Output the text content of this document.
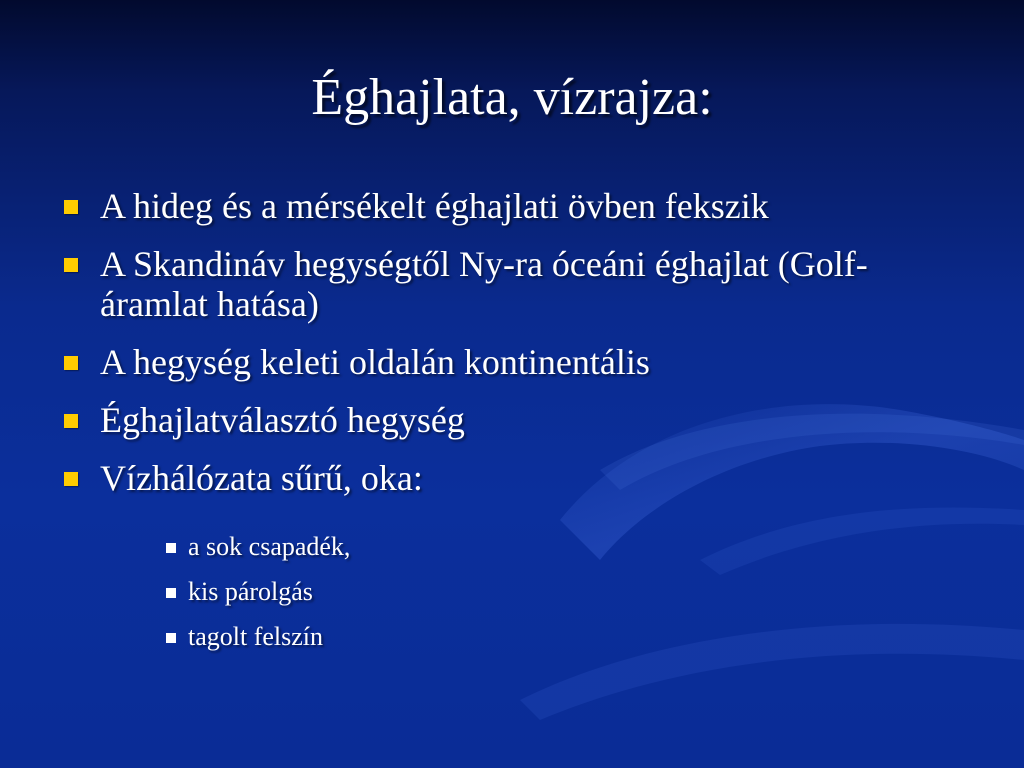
Éghajlata, vízrajza:
A hideg és a mérsékelt éghajlati övben fekszik
A Skandináv hegységtől Ny-ra óceáni éghajlat (Golf-áramlat hatása)
A hegység keleti oldalán kontinentális
Éghajlatválasztó hegység
Vízhálózata sűrű, oka:
a sok csapadék,
kis párolgás
tagolt felszín
